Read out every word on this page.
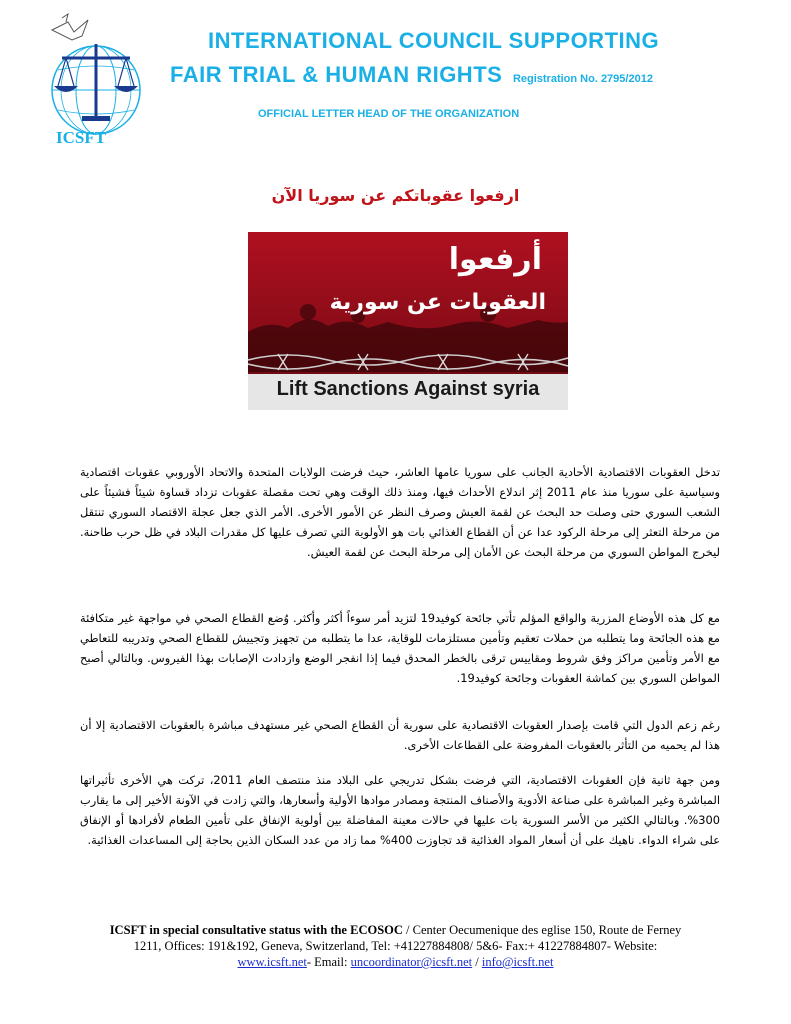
ICSFT
INTERNATIONAL COUNCIL SUPPORTING
FAIR TRIAL & HUMAN RIGHTS Registration No. 2795/2012
OFFICIAL LETTER HEAD OF THE ORGANIZATION
ارفعوا عقوباتكم عن سوريا الآن
أرفعوا
العقوبات عن سورية
Lift Sanctions Against syria

تدخل العقوبات الاقتصادية الأحادية الجانب على سوريا عامها العاشر، حيث فرضت الولايات المتحدة والاتحاد الأوروبي عقوبات اقتصادية وسياسية على سوريا منذ عام 2011 إثر اندلاع الأحداث فيها، ومنذ ذلك الوقت وهي تحت مقصلة عقوبات تزداد قساوة شيئاً فشيئاً على الشعب السوري حتى وصلت حد البحث عن لقمة العيش وصرف النظر عن الأمور الأخرى. الأمر الذي جعل عجلة الاقتصاد السوري تنتقل من مرحلة التعثر إلى مرحلة الركود عدا عن أن القطاع الغذائي بات هو الأولوية التي تصرف عليها كل مقدرات البلاد في ظل حرب طاحنة. ليخرج المواطن السوري من مرحلة البحث عن الأمان إلى مرحلة البحث عن لقمة العيش.

مع كل هذه الأوضاع المزرية والواقع المؤلم تأتي جائحة كوفيد19 لتزيد أمر سوءاً أكثر وأكثر. وُضع القطاع الصحي في مواجهة غير متكافئة مع هذه الجائحة وما يتطلبه من حملات تعقيم وتأمين مستلزمات للوقاية، عدا ما يتطلبه من تجهيز وتجييش للقطاع الصحي وتدريبه للتعاطي مع الأمر وتأمين مراكز وفق شروط ومقاييس ترقى بالخطر المحدق فيما إذا انفجر الوضع وازدادت الإصابات بهذا الفيروس. وبالتالي أصبح المواطن السوري بين كماشة العقوبات وجائحة كوفيد19.

رغم زعم الدول التي قامت بإصدار العقوبات الاقتصادية على سورية أن القطاع الصحي غير مستهدف مباشرة بالعقوبات الاقتصادية إلا أن هذا لم يحميه من التأثر بالعقوبات المفروضة على القطاعات الأخرى.

ومن جهة ثانية فإن العقوبات الاقتصادية، التي فرضت بشكل تدريجي على البلاد منذ منتصف العام 2011، تركت هي الأخرى تأثيراتها المباشرة وغير المباشرة على صناعة الأدوية والأصناف المنتجة ومصادر موادها الأولية وأسعارها، والتي زادت في الآونة الأخير إلى ما يقارب 300%. وبالتالي الكثير من الأسر السورية بات عليها في حالات معينة المفاضلة بين أولوية الإنفاق على تأمين الطعام لأفرادها أو الإنفاق على شراء الدواء. ناهيك على أن أسعار المواد الغذائية قد تجاوزت 400% مما زاد من عدد السكان الذين بحاجة إلى المساعدات الغذائية.

ICSFT in special consultative status with the ECOSOC / Center Oecumenique des eglise 150, Route de Ferney
1211, Offices: 191&192, Geneva, Switzerland, Tel: +41227884808/ 5&6- Fax:+ 41227884807- Website:
www.icsft.net- Email: uncoordinator@icsft.net / info@icsft.net
